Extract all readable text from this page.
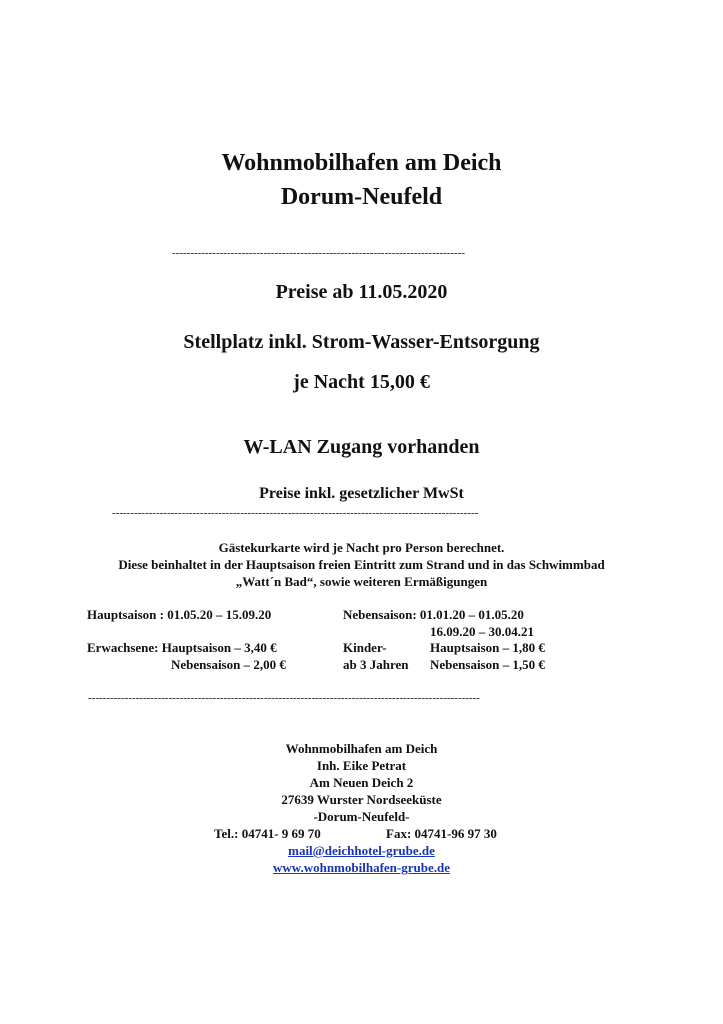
Wohnmobilhafen am Deich
Dorum-Neufeld
--------------------------------------------------------------------------------
Preise ab 11.05.2020
Stellplatz inkl. Strom-Wasser-Entsorgung
je Nacht 15,00 €
W-LAN Zugang vorhanden
Preise inkl. gesetzlicher MwSt
----------------------------------------------------------------------------------------------------
Gästekurkarte wird je Nacht pro Person berechnet.
Diese beinhaltet in der Hauptsaison freien Eintritt zum Strand und in das Schwimmbad
„Watt´n Bad“, sowie weiteren Ermäßigungen
Hauptsaison : 01.05.20 – 15.09.20	Nebensaison: 01.01.20 – 01.05.20
16.09.20 – 30.04.21
Erwachsene: Hauptsaison – 3,40 €
Nebensaison – 2,00 €
Kinder-
ab 3 Jahren
Hauptsaison – 1,80 €
Nebensaison – 1,50 €
-----------------------------------------------------------------------------------------------------------
Wohnmobilhafen am Deich
Inh. Eike Petrat
Am Neuen Deich 2
27639 Wurster Nordseeküste
-Dorum-Neufeld-
Tel.: 04741- 9 69 70	Fax: 04741-96 97 30
mail@deichhotel-grube.de
www.wohnmobilhafen-grube.de
